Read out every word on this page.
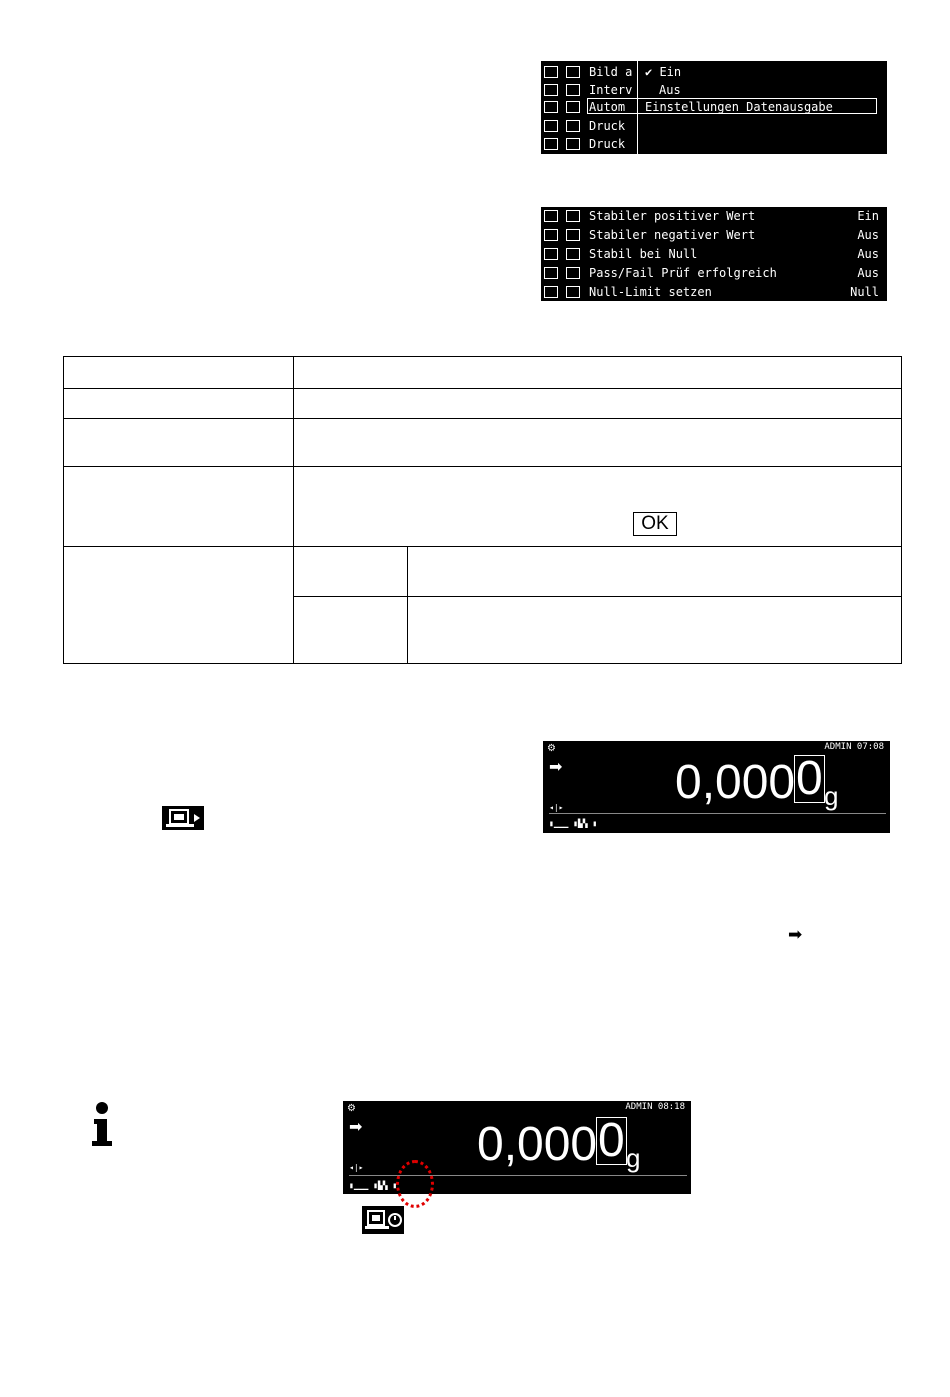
Bild a ✔ Ein
Interv Aus
Autom	Einstellungen Datenausgabe
Druck
Druck
Stabiler positiver Wert	Ein
Stabiler negativer Wert	Aus
Stabil bei Null	Aus
Pass/Fail Prüf erfolgreich	Aus
Null-Limit setzen	Null

OK
⚙	ADMIN 07:08
➡ 0,000 0 g
◂|▸
▮▁▁▁ ▮▙▚ ▮
➡
⚙	ADMIN 08:18
➡ 0,000 0 g
◂|▸
▮▁▁▁ ▮▙▚ ▮
